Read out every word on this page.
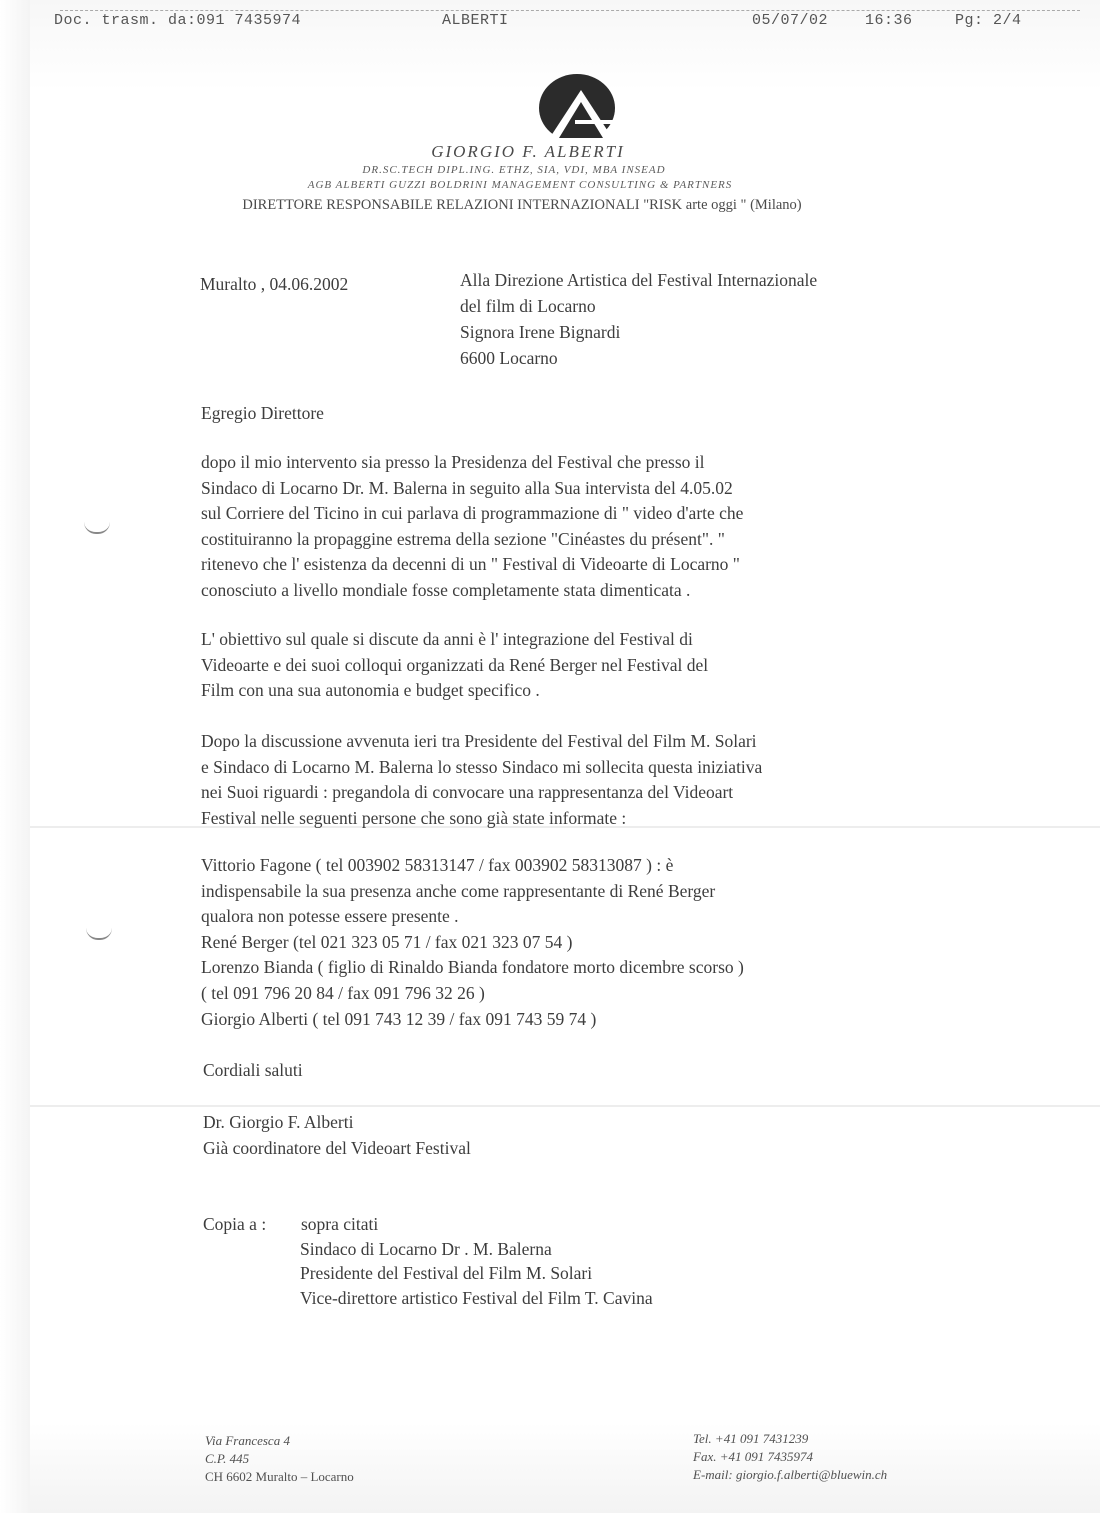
Doc. trasm. da:091 7435974	ALBERTI	05/07/02 16:36	Pg: 2/4
GIORGIO F. ALBERTI
DR.SC.TECH DIPL.ING. ETHZ, SIA, VDI, MBA INSEAD
AGB ALBERTI GUZZI BOLDRINI MANAGEMENT CONSULTING & PARTNERS
DIRETTORE RESPONSABILE RELAZIONI INTERNAZIONALI "RISK arte oggi " (Milano)
Muralto , 04.06.2002	Alla Direzione Artistica del Festival Internazionale
del film di Locarno
Signora Irene Bignardi
6600 Locarno
Egregio Direttore
dopo il mio intervento sia presso la Presidenza del Festival che presso il
Sindaco di Locarno Dr. M. Balerna in seguito alla Sua intervista del 4.05.02
sul Corriere del Ticino in cui parlava di programmazione di " video d'arte che
costituiranno la propaggine estrema della sezione "Cinéastes du présent". "
ritenevo che l' esistenza da decenni di un " Festival di Videoarte di Locarno "
conosciuto a livello mondiale fosse completamente stata dimenticata .
L' obiettivo sul quale si discute da anni è l' integrazione del Festival di
Videoarte e dei suoi colloqui organizzati da René Berger nel Festival del
Film con una sua autonomia e budget specifico .
Dopo la discussione avvenuta ieri tra Presidente del Festival del Film M. Solari
e Sindaco di Locarno M. Balerna lo stesso Sindaco mi sollecita questa iniziativa
nei Suoi riguardi : pregandola di convocare una rappresentanza del Videoart
Festival nelle seguenti persone che sono già state informate :
Vittorio Fagone ( tel 003902 58313147 / fax 003902 58313087 ) : è
indispensabile la sua presenza anche come rappresentante di René Berger
qualora non potesse essere presente .
René Berger (tel 021 323 05 71 / fax 021 323 07 54 )
Lorenzo Bianda ( figlio di Rinaldo Bianda fondatore morto dicembre scorso )
( tel 091 796 20 84 / fax 091 796 32 26 )
Giorgio Alberti ( tel 091 743 12 39 / fax 091 743 59 74 )
Cordiali saluti
Dr. Giorgio F. Alberti
Già coordinatore del Videoart Festival
Copia a : sopra citati
Sindaco di Locarno Dr . M. Balerna
Presidente del Festival del Film M. Solari
Vice-direttore artistico Festival del Film T. Cavina
Via Francesca 4
C.P. 445
CH 6602 Muralto – Locarno
Tel. +41 091 7431239
Fax. +41 091 7435974
E-mail: giorgio.f.alberti@bluewin.ch
